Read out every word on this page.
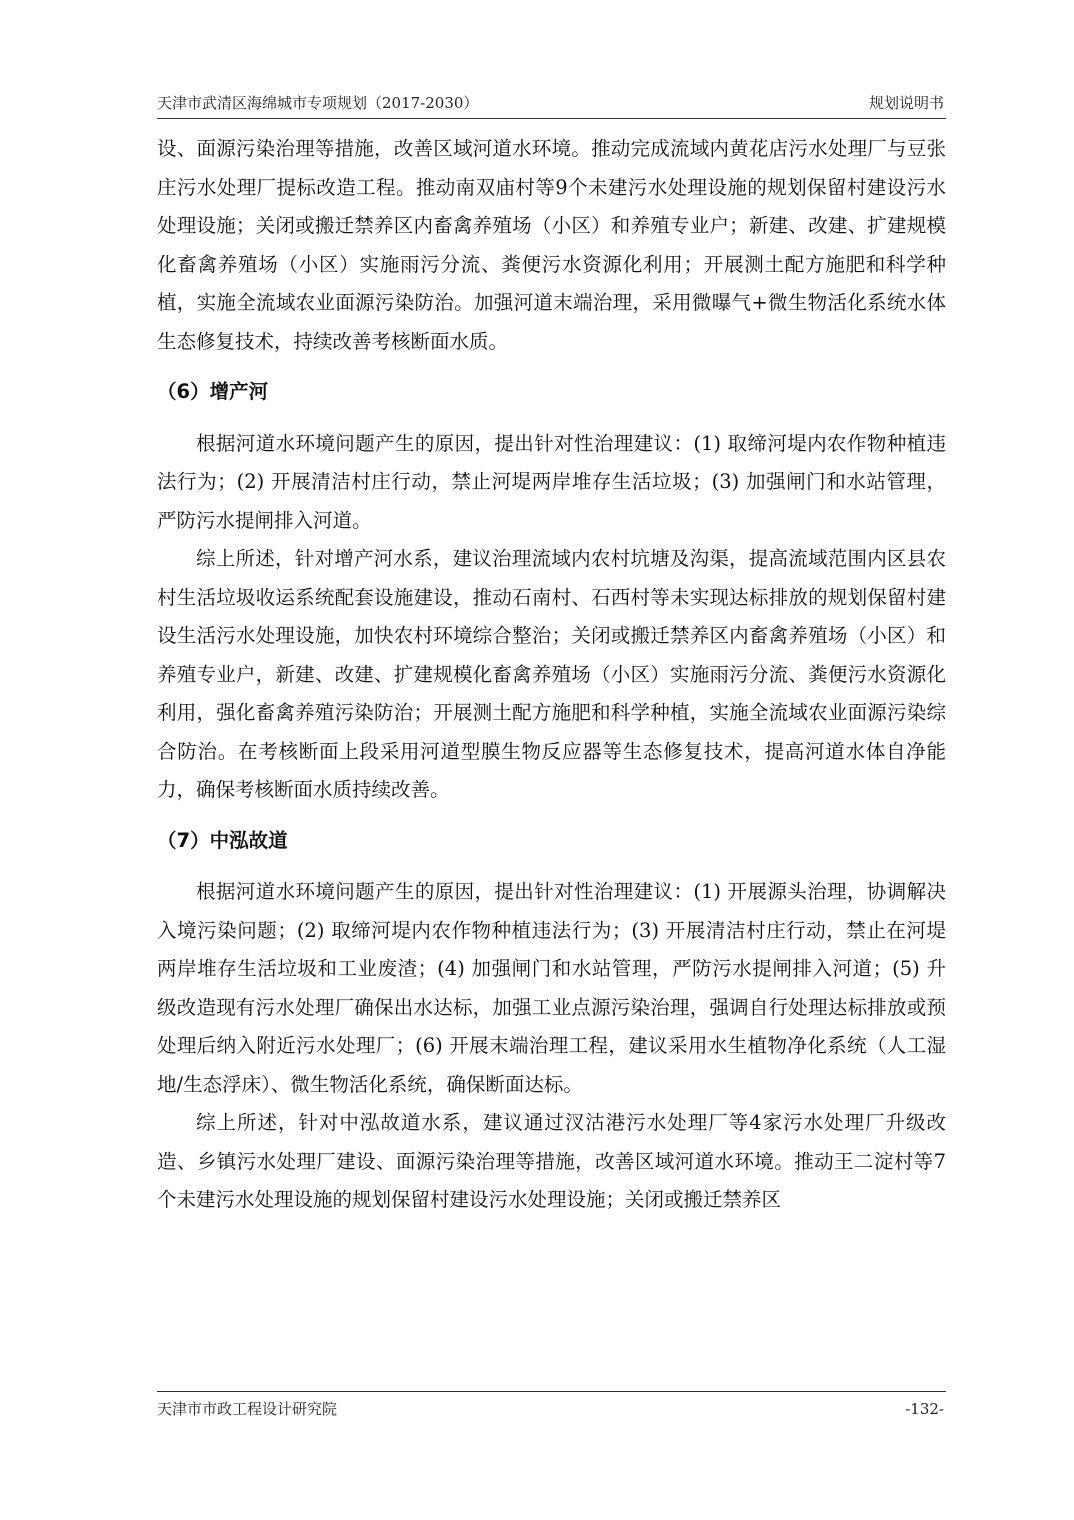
天津市武清区海绵城市专项规划（2017-2030）	规划说明书

设、面源污染治理等措施，改善区域河道水环境。推动完成流域内黄花店污水处理厂与豆张庄污水处理厂提标改造工程。推动南双庙村等9个未建污水处理设施的规划保留村建设污水处理设施；关闭或搬迁禁养区内畜禽养殖场（小区）和养殖专业户；新建、改建、扩建规模化畜禽养殖场（小区）实施雨污分流、粪便污水资源化利用；开展测土配方施肥和科学种植，实施全流域农业面源污染防治。加强河道末端治理，采用微曝气+微生物活化系统水体生态修复技术，持续改善考核断面水质。

（6）增产河

根据河道水环境问题产生的原因，提出针对性治理建议：(1) 取缔河堤内农作物种植违法行为；(2) 开展清洁村庄行动，禁止河堤两岸堆存生活垃圾；(3) 加强闸门和水站管理，严防污水提闸排入河道。

综上所述，针对增产河水系，建议治理流域内农村坑塘及沟渠，提高流域范围内区县农村生活垃圾收运系统配套设施建设，推动石南村、石西村等未实现达标排放的规划保留村建设生活污水处理设施，加快农村环境综合整治；关闭或搬迁禁养区内畜禽养殖场（小区）和养殖专业户，新建、改建、扩建规模化畜禽养殖场（小区）实施雨污分流、粪便污水资源化利用，强化畜禽养殖污染防治；开展测土配方施肥和科学种植，实施全流域农业面源污染综合防治。在考核断面上段采用河道型膜生物反应器等生态修复技术，提高河道水体自净能力，确保考核断面水质持续改善。

（7）中泓故道

根据河道水环境问题产生的原因，提出针对性治理建议：(1) 开展源头治理，协调解决入境污染问题；(2) 取缔河堤内农作物种植违法行为；(3) 开展清洁村庄行动，禁止在河堤两岸堆存生活垃圾和工业废渣；(4) 加强闸门和水站管理，严防污水提闸排入河道；(5) 升级改造现有污水处理厂确保出水达标，加强工业点源污染治理，强调自行处理达标排放或预处理后纳入附近污水处理厂；(6) 开展末端治理工程，建议采用水生植物净化系统（人工湿地/生态浮床）、微生物活化系统，确保断面达标。

综上所述，针对中泓故道水系，建议通过汊沽港污水处理厂等4家污水处理厂升级改造、乡镇污水处理厂建设、面源污染治理等措施，改善区域河道水环境。推动王二淀村等7个未建污水处理设施的规划保留村建设污水处理设施；关闭或搬迁禁养区

天津市市政工程设计研究院	-132-
